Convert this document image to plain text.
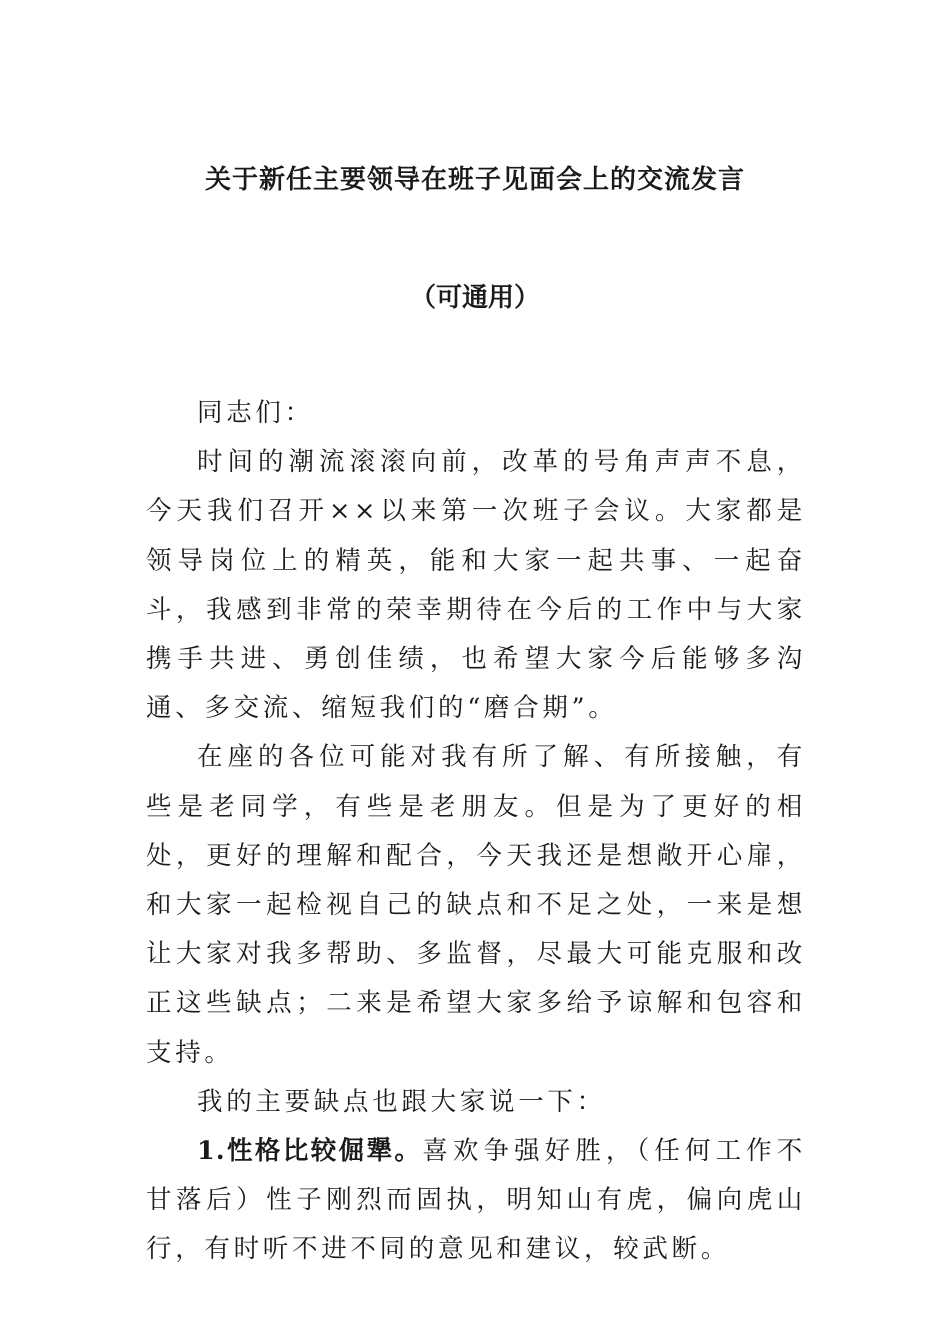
关于新任主要领导在班子见面会上的交流发言
（可通用）

同志们：

时间的潮流滚滚向前，改革的号角声声不息，今天我们召开××以来第一次班子会议。大家都是领导岗位上的精英，能和大家一起共事、一起奋斗，我感到非常的荣幸期待在今后的工作中与大家携手共进、勇创佳绩，也希望大家今后能够多沟通、多交流、缩短我们的“磨合期”。

在座的各位可能对我有所了解、有所接触，有些是老同学，有些是老朋友。但是为了更好的相处，更好的理解和配合，今天我还是想敞开心扉，和大家一起检视自己的缺点和不足之处，一来是想让大家对我多帮助、多监督，尽最大可能克服和改正这些缺点；二来是希望大家多给予谅解和包容和支持。

我的主要缺点也跟大家说一下：

1.性格比较倔犟。喜欢争强好胜，（任何工作不甘落后）性子刚烈而固执，明知山有虎，偏向虎山行，有时听不进不同的意见和建议，较武断。
